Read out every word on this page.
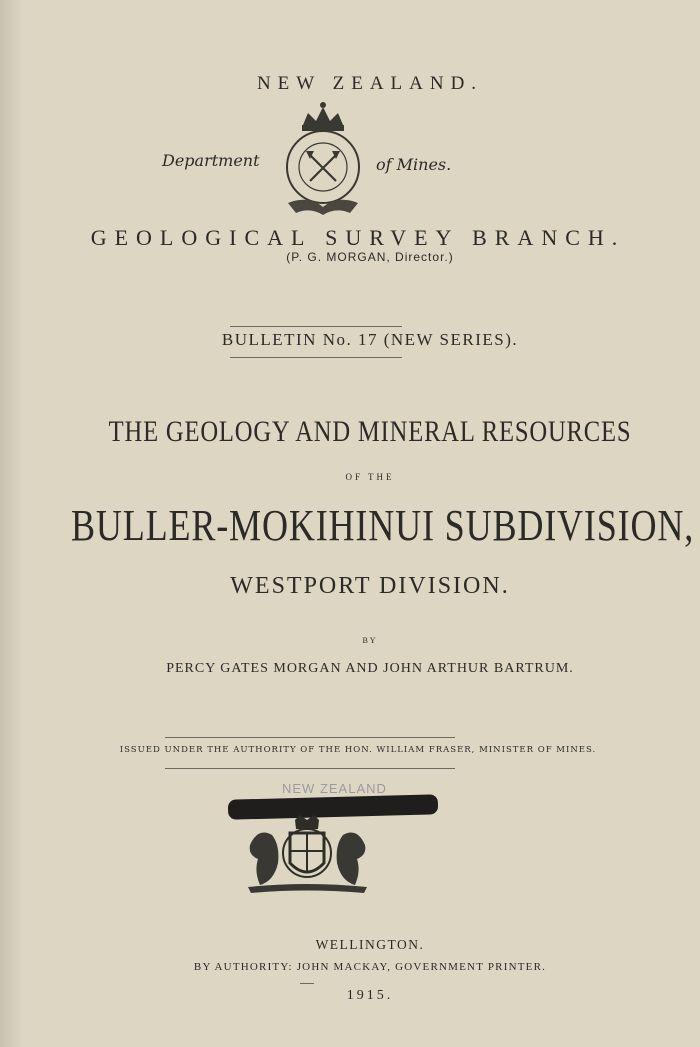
NEW ZEALAND.
Department	of Mines.
GEOLOGICAL SURVEY BRANCH.
(P. G. MORGAN, Director.)
BULLETIN No. 17 (NEW SERIES).
THE GEOLOGY AND MINERAL RESOURCES
OF THE
BULLER-MOKIHINUI SUBDIVISION,
WESTPORT DIVISION.
BY
PERCY GATES MORGAN AND JOHN ARTHUR BARTRUM.
ISSUED UNDER THE AUTHORITY OF THE HON. WILLIAM FRASER, MINISTER OF MINES.
NEW ZEALAND
WELLINGTON.
BY AUTHORITY: JOHN MACKAY, GOVERNMENT PRINTER.
1915.
